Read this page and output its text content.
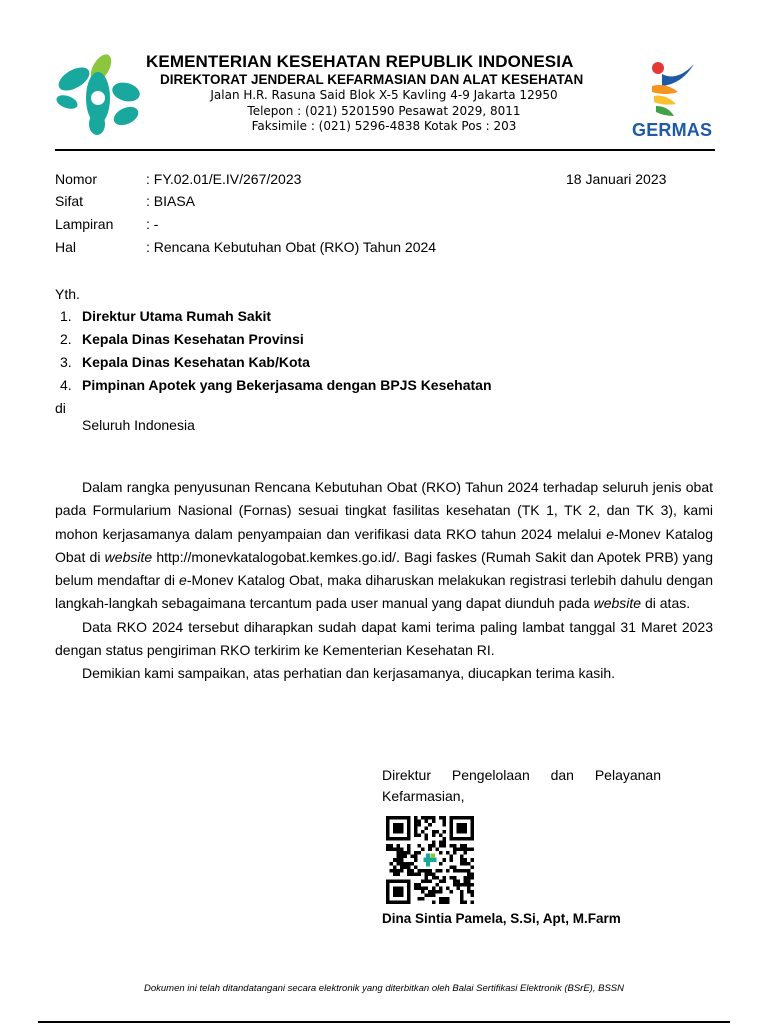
KEMENTERIAN KESEHATAN REPUBLIK INDONESIA
DIREKTORAT JENDERAL KEFARMASIAN DAN ALAT KESEHATAN
Jalan H.R. Rasuna Said Blok X-5 Kavling 4-9 Jakarta 12950
Telepon : (021) 5201590 Pesawat 2029, 8011
Faksimile : (021) 5296-4838 Kotak Pos : 203	GERMAS
Nomor	: FY.02.01/E.IV/267/2023	18 Januari 2023
Sifat	: BIASA
Lampiran : -
Hal	: Rencana Kebutuhan Obat (RKO) Tahun 2024
Yth.
1. Direktur Utama Rumah Sakit
2. Kepala Dinas Kesehatan Provinsi
3. Kepala Dinas Kesehatan Kab/Kota
4. Pimpinan Apotek yang Bekerjasama dengan BPJS Kesehatan
di
Seluruh Indonesia

Dalam rangka penyusunan Rencana Kebutuhan Obat (RKO) Tahun 2024 terhadap seluruh jenis obat pada Formularium Nasional (Fornas) sesuai tingkat fasilitas kesehatan (TK 1, TK 2, dan TK 3), kami mohon kerjasamanya dalam penyampaian dan verifikasi data RKO tahun 2024 melalui e-Monev Katalog Obat di website http://monevkatalogobat.kemkes.go.id/. Bagi faskes (Rumah Sakit dan Apotek PRB) yang belum mendaftar di e-Monev Katalog Obat, maka diharuskan melakukan registrasi terlebih dahulu dengan langkah-langkah sebagaimana tercantum pada user manual yang dapat diunduh pada website di atas.

Data RKO 2024 tersebut diharapkan sudah dapat kami terima paling lambat tanggal 31 Maret 2023 dengan status pengiriman RKO terkirim ke Kementerian Kesehatan RI.

Demikian kami sampaikan, atas perhatian dan kerjasamanya, diucapkan terima kasih.

Direktur Pengelolaan dan Pelayanan
Kefarmasian,
Dina Sintia Pamela, S.Si, Apt, M.Farm
Dokumen ini telah ditandatangani secara elektronik yang diterbitkan oleh Balai Sertifikasi Elektronik (BSrE), BSSN
